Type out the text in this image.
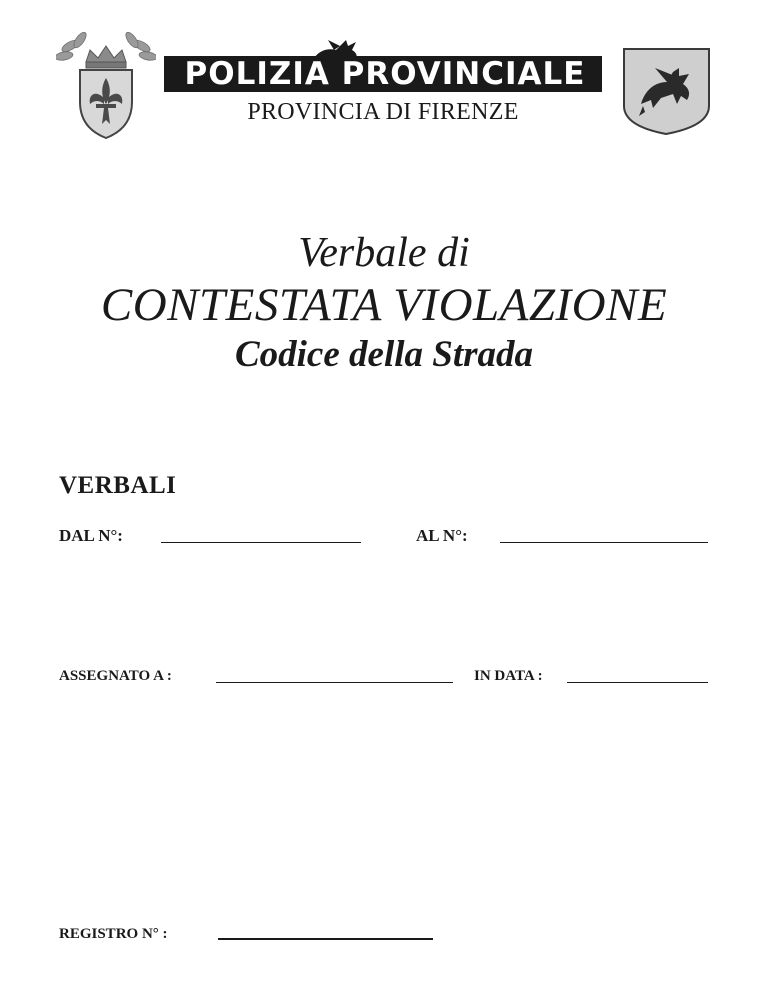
POLIZIA PROVINCIALE
PROVINCIA DI FIRENZE
Verbale di
CONTESTATA VIOLAZIONE
Codice della Strada
VERBALI
DAL N°:	AL N°:
ASSEGNATO A :	IN DATA :
REGISTRO N° :
